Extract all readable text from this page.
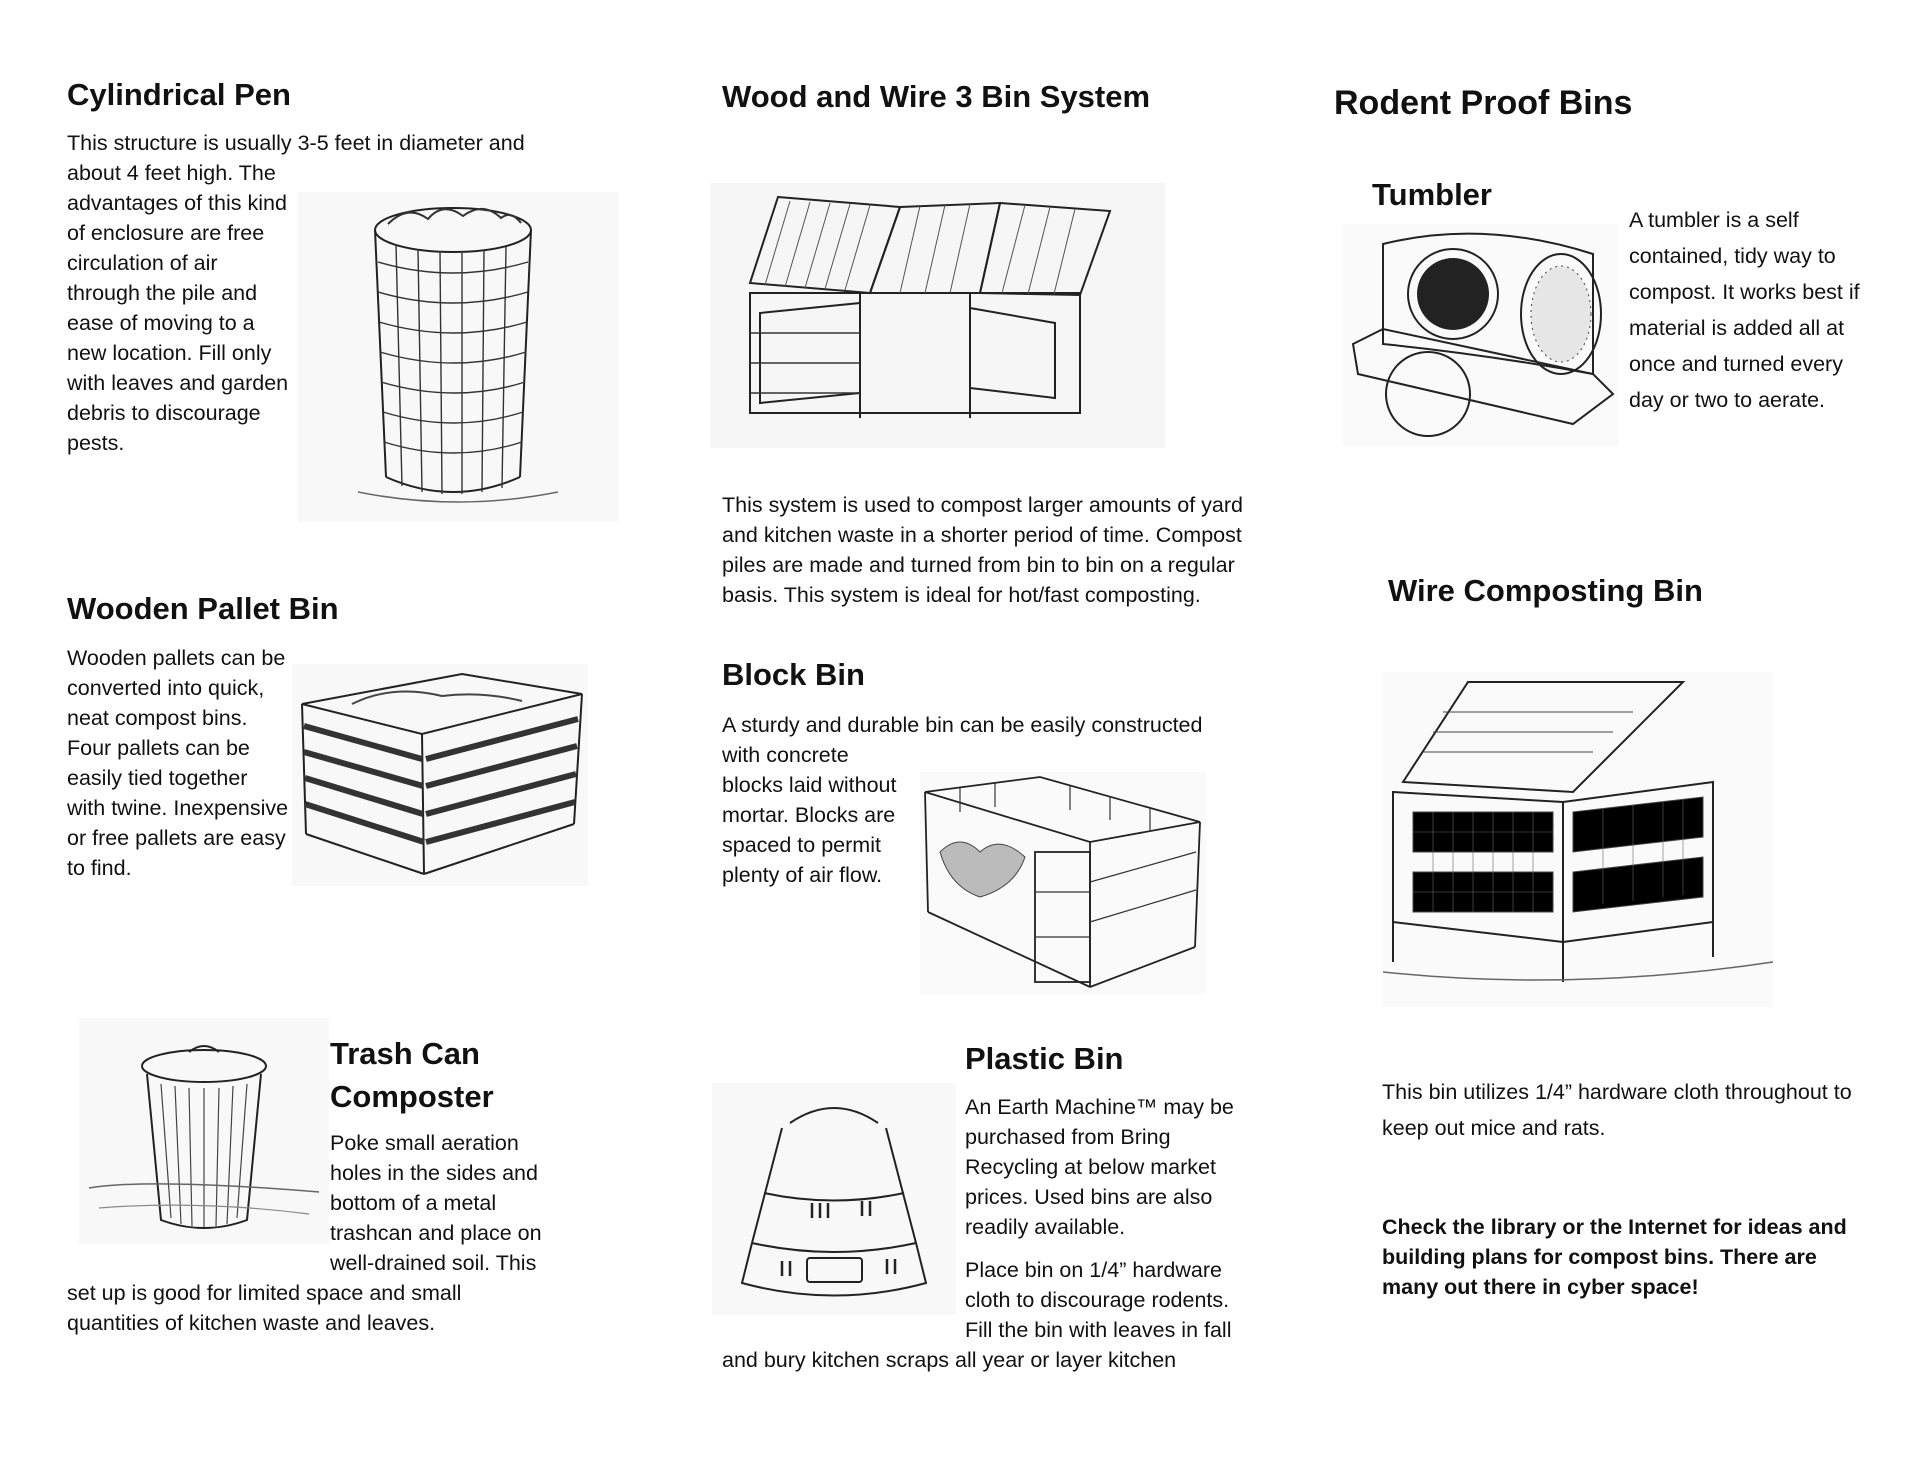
Cylindrical Pen

This structure is usually 3-5 feet in diameter and

about 4 feet high. The

advantages of this kind of enclosure are free circulation of air through the pile and ease of moving to a new location. Fill only with leaves and garden debris to discourage pests.
Wooden Pallet Bin
Wooden pallets can be converted into quick, neat compost bins. Four pallets can be easily tied together with twine. Inexpensive or free pallets are easy to find.
Trash Can Composter
Poke small aeration holes in the sides and bottom of a metal trashcan and place on well-drained soil. This
set up is good for limited space and small quantities of kitchen waste and leaves.
Wood and Wire 3 Bin System
This system is used to compost larger amounts of yard and kitchen waste in a shorter period of time. Compost piles are made and turned from bin to bin on a regular basis. This system is ideal for hot/fast composting.
Block Bin
A sturdy and durable bin can be easily constructed
with concrete blocks laid without mortar. Blocks are spaced to permit plenty of air flow.
Plastic Bin
An Earth Machine™ may be purchased from Bring Recycling at below market prices. Used bins are also readily available.
Place bin on 1/4” hardware cloth to discourage rodents. Fill the bin with leaves in fall
and bury kitchen scraps all year or layer kitchen
Rodent Proof Bins
Tumbler
A tumbler is a self contained, tidy way to compost. It works best if material is added all at once and turned every day or two to aerate.
Wire Composting Bin
This bin utilizes 1/4” hardware cloth throughout to keep out mice and rats.
Check the library or the Internet for ideas and building plans for compost bins. There are many out there in cyber space!
